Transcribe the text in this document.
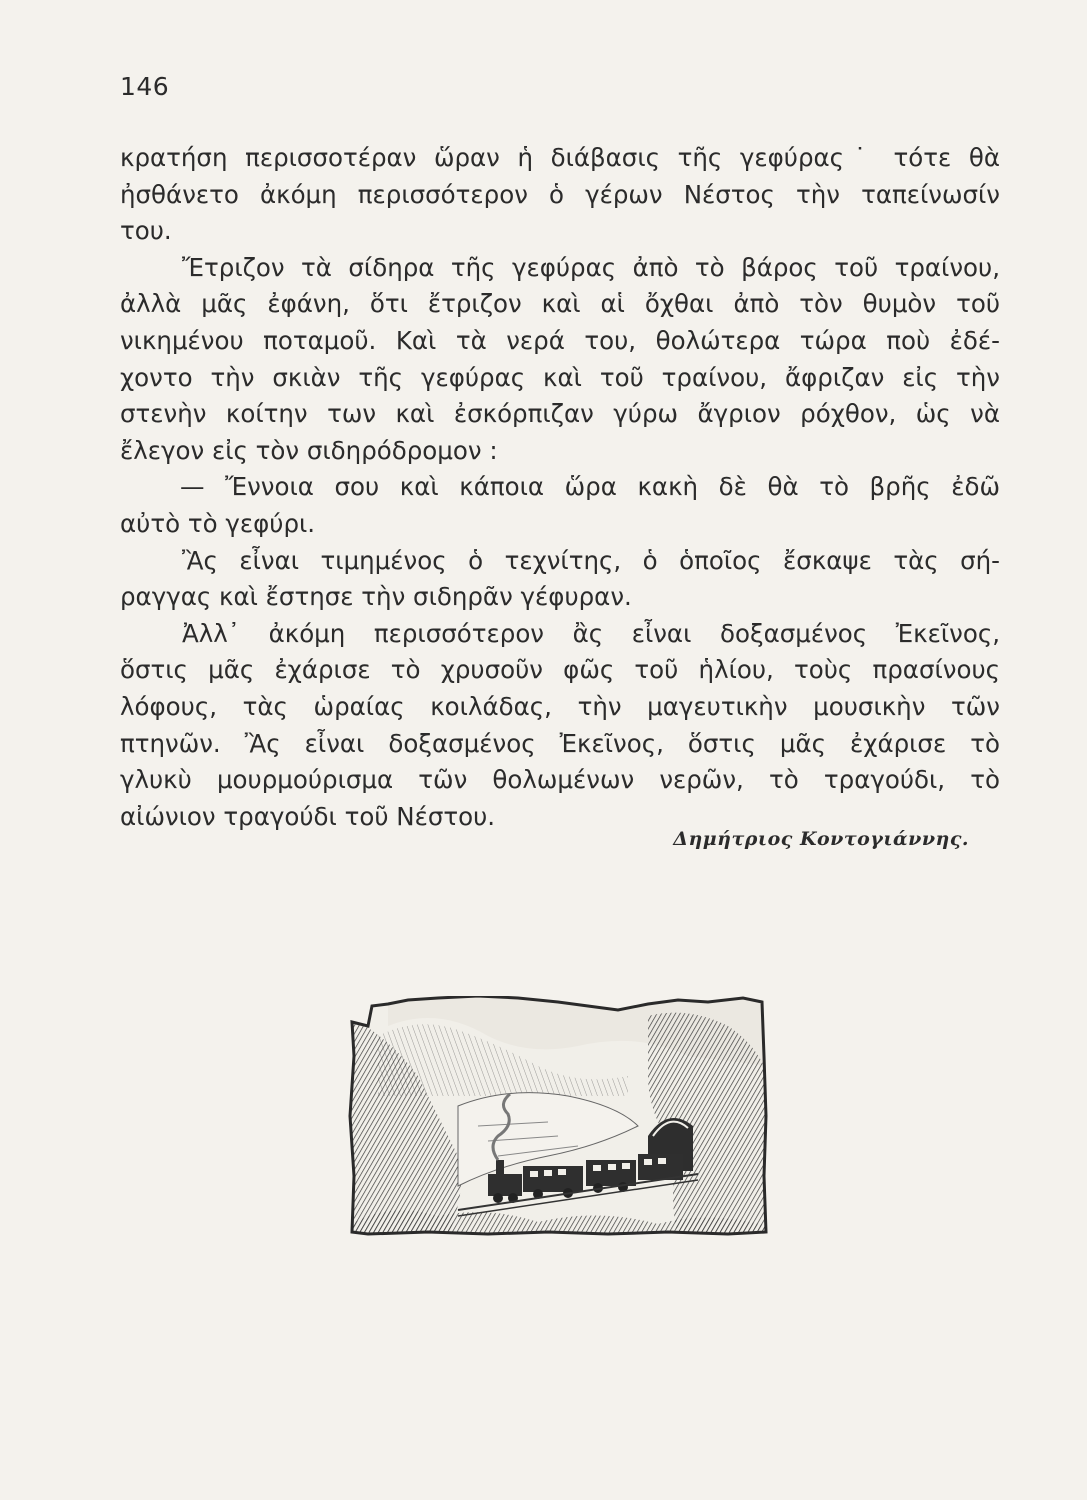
146
κρατήση περισσοτέραν ὥραν ἡ διάβασις τῆς γεφύρας˙ τότε θὰ
ἠσθάνετο ἀκόμη περισσότερον ὁ γέρων Νέστος τὴν ταπείνωσίν
του.
Ἔτριζον τὰ σίδηρα τῆς γεφύρας ἀπὸ τὸ βάρος τοῦ τραίνου,
ἀλλὰ μᾶς ἐφάνη, ὅτι ἔτριζον καὶ αἱ ὄχθαι ἀπὸ τὸν θυμὸν τοῦ
νικημένου ποταμοῦ. Καὶ τὰ νερά του, θολώτερα τώρα ποὺ ἐδέ-
χοντο τὴν σκιὰν τῆς γεφύρας καὶ τοῦ τραίνου, ἄφριζαν εἰς τὴν
στενὴν κοίτην των καὶ ἐσκόρπιζαν γύρω ἄγριον ρόχθον, ὡς νὰ
ἔλεγον εἰς τὸν σιδηρόδρομον :
— Ἔννοια σου καὶ κάποια ὥρα κακὴ δὲ θὰ τὸ βρῆς ἐδῶ
αὐτὸ τὸ γεφύρι.
Ἂς εἶναι τιμημένος ὁ τεχνίτης, ὁ ὁποῖος ἔσκαψε τὰς σή-
ραγγας καὶ ἔστησε τὴν σιδηρᾶν γέφυραν.
Ἀλλ᾽ ἀκόμη περισσότερον ἂς εἶναι δοξασμένος Ἐκεῖνος,
ὅστις μᾶς ἐχάρισε τὸ χρυσοῦν φῶς τοῦ ἡλίου, τοὺς πρασίνους
λόφους, τὰς ὡραίας κοιλάδας, τὴν μαγευτικὴν μουσικὴν τῶν
πτηνῶν. Ἂς εἶναι δοξασμένος Ἐκεῖνος, ὅστις μᾶς ἐχάρισε τὸ
γλυκὺ μουρμούρισμα τῶν θολωμένων νερῶν, τὸ τραγούδι, τὸ
αἰώνιον τραγούδι τοῦ Νέστου.
Δημήτριος Κοντογιάννης.
